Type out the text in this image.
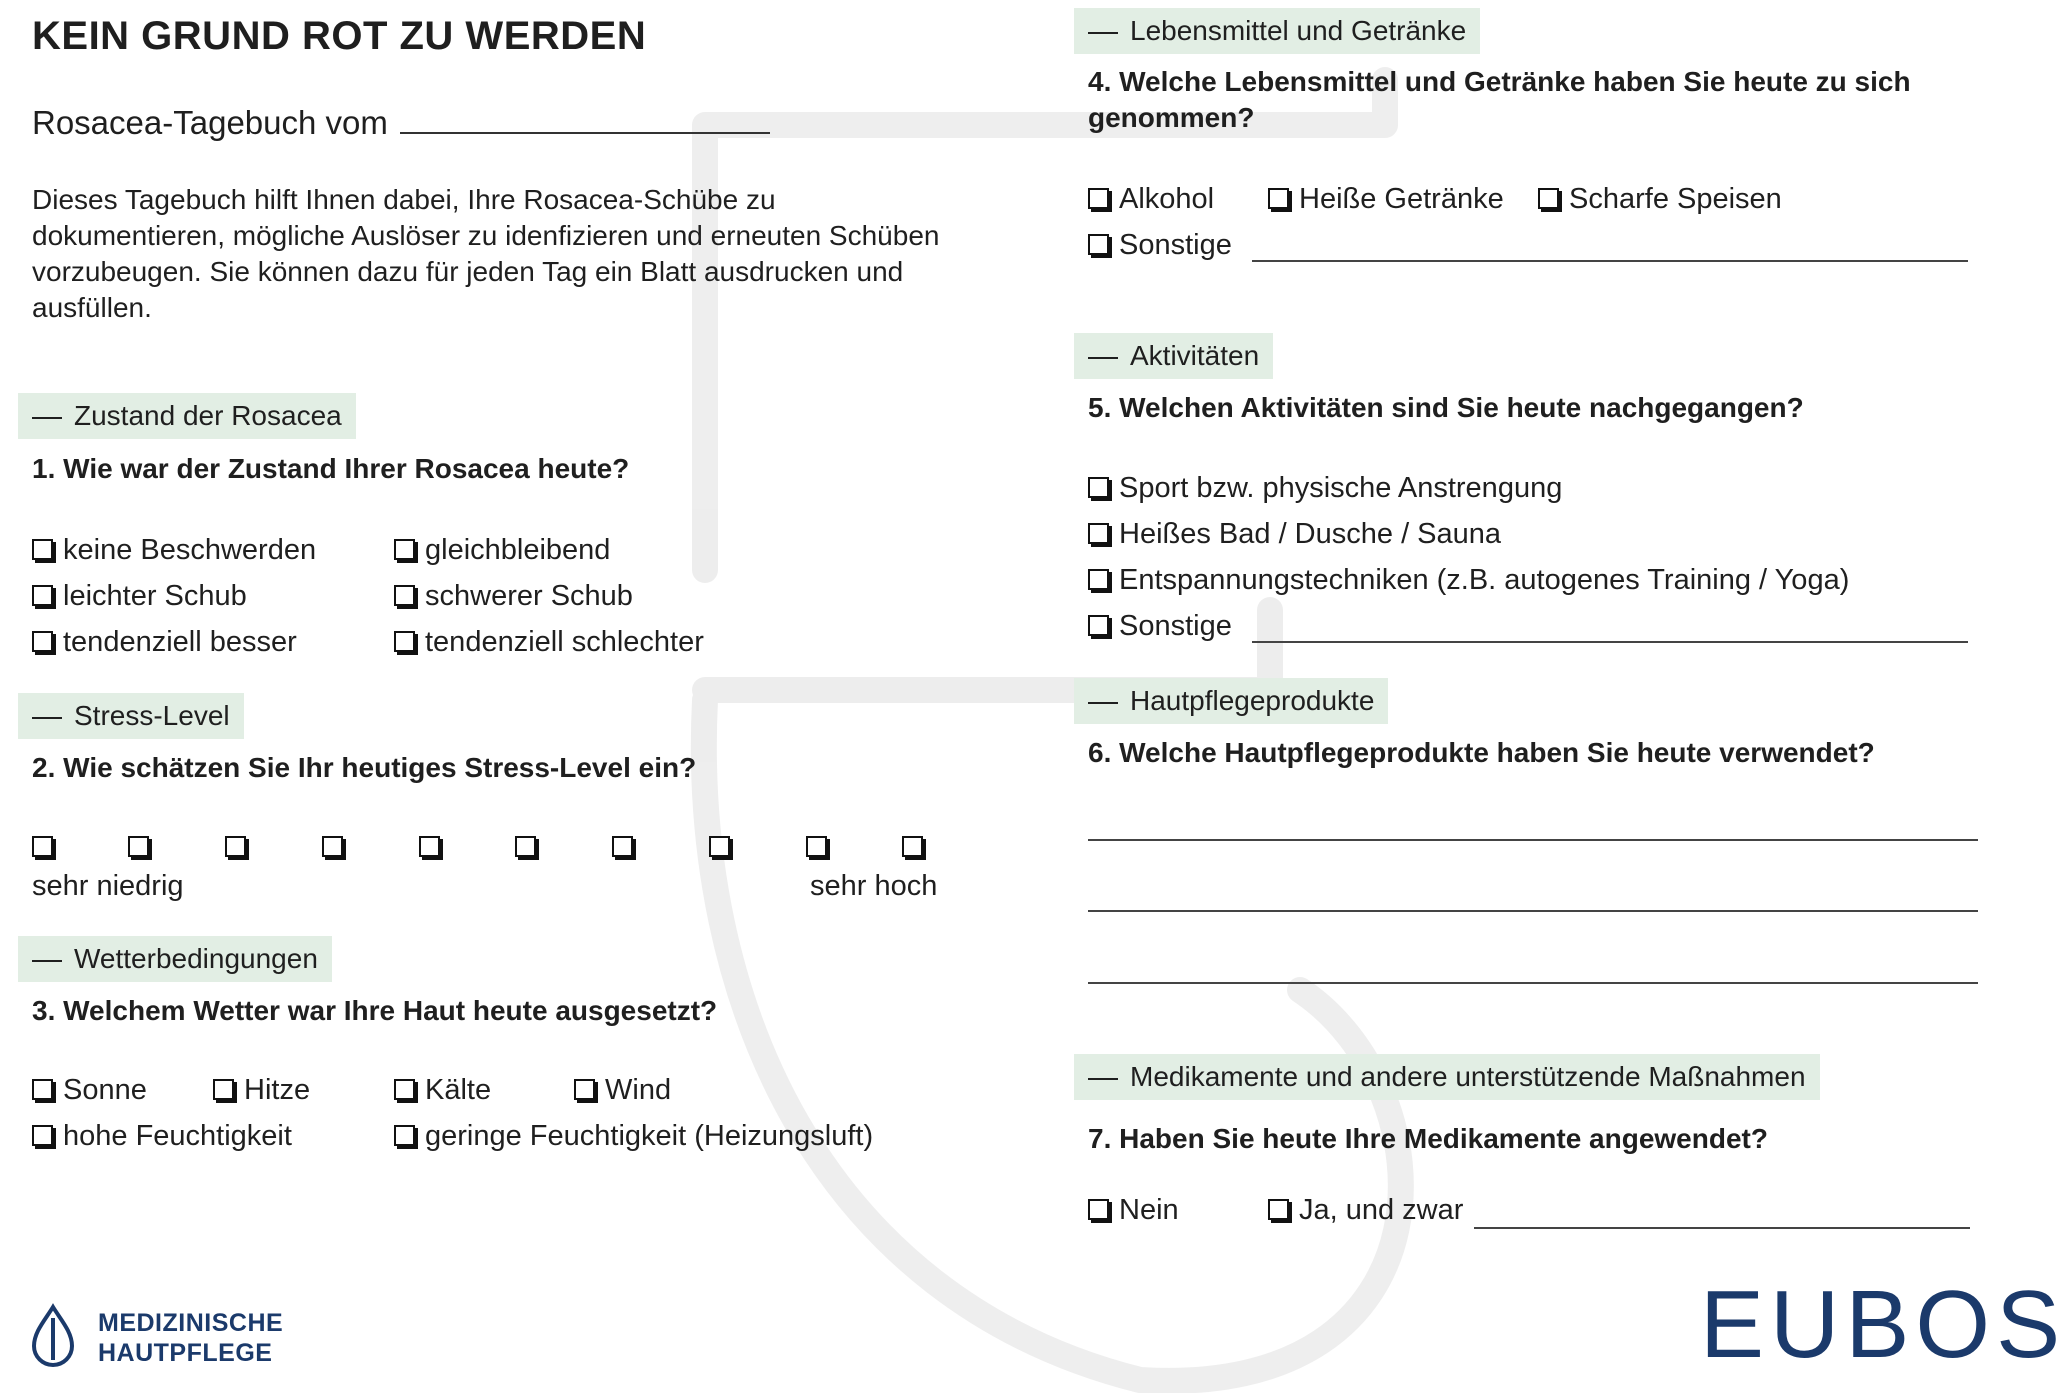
KEIN GRUND ROT ZU WERDEN
Rosacea-Tagebuch vom
Dieses Tagebuch hilft Ihnen dabei, Ihre Rosacea-Schübe zu dokumentieren, mögliche Auslöser zu idenfizieren und erneuten Schüben vorzubeugen. Sie können dazu für jeden Tag ein Blatt ausdrucken und ausfüllen.
Zustand der Rosacea
1. Wie war der Zustand Ihrer Rosacea heute?
keine Beschwerden	gleichbleibend
leichter Schub	schwerer Schub
tendenziell besser	tendenziell schlechter
Stress-Level
2. Wie schätzen Sie Ihr heutiges Stress-Level ein?
sehr niedrig	sehr hoch
Wetterbedingungen
3. Welchem Wetter war Ihre Haut heute ausgesetzt?
Sonne	Hitze	Kälte	Wind
hohe Feuchtigkeit	geringe Feuchtigkeit (Heizungsluft)
Lebensmittel und Getränke
4. Welche Lebensmittel und Getränke haben Sie heute zu sich genommen?
Alkohol	Heiße Getränke	Scharfe Speisen
Sonstige
Aktivitäten
5. Welchen Aktivitäten sind Sie heute nachgegangen?
Sport bzw. physische Anstrengung
Heißes Bad / Dusche / Sauna
Entspannungstechniken (z.B. autogenes Training / Yoga)
Sonstige
Hautpflegeprodukte
6. Welche Hautpflegeprodukte haben Sie heute verwendet?
Medikamente und andere unterstützende Maßnahmen
7. Haben Sie heute Ihre Medikamente angewendet?
Nein	Ja, und zwar
MEDIZINISCHE
HAUTPFLEGE	EUBOS
